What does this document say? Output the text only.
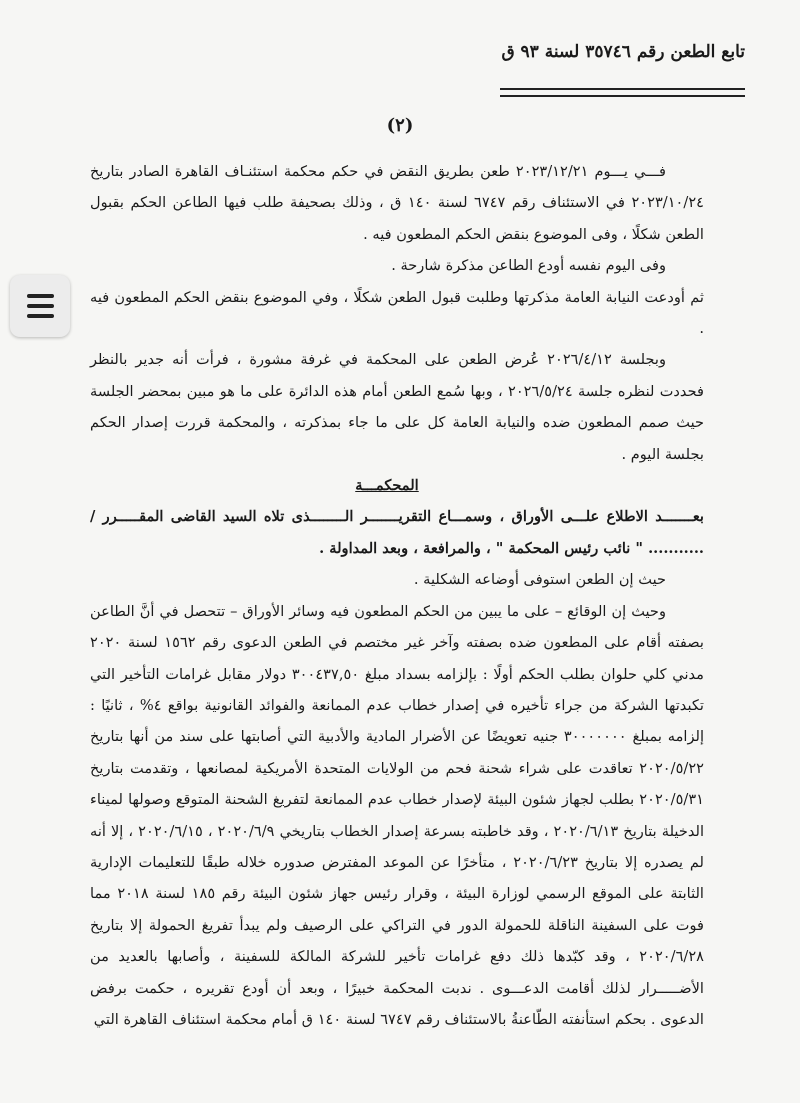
تابع الطعن رقم ٣٥٧٤٦ لسنة ٩٣ ق
(٢)

فـــي يـــوم ٢٠٢٣/١٢/٢١ طعن بطريق النقض في حكم محكمة استئنـاف القاهرة الصادر بتاريخ ٢٠٢٣/١٠/٢٤ في الاستئناف رقم ٦٧٤٧ لسنة ١٤٠ ق ، وذلك بصحيفة طلب فيها الطاعن الحكم بقبول الطعن شكلًا ، وفى الموضوع بنقض الحكم المطعون فيه .

وفى اليوم نفسه أودع الطاعن مذكرة شارحة .

ثم أودعت النيابة العامة مذكرتها وطلبت قبول الطعن شكلًا ، وفي الموضوع بنقض الحكم المطعون فيه .

وبجلسة ٢٠٢٦/٤/١٢ عُرض الطعن على المحكمة في غرفة مشورة ، فرأت أنه جدير بالنظر فحددت لنظره جلسة ٢٠٢٦/٥/٢٤ ، وبها سُمع الطعن أمام هذه الدائرة على ما هو مبين بمحضر الجلسة حيث صمم المطعون ضده والنيابة العامة كل على ما جاء بمذكرته ، والمحكمة قررت إصدار الحكم بجلسة اليوم .

المحكمـــة

بعـــــــد الاطلاع علـــى الأوراق ، وسمـــاع التقريـــــــر الــــــــذى تلاه السيد القاضى المقـــــرر / ........... " نائب رئيس المحكمة " ، والمرافعة ، وبعد المداولة .

حيث إن الطعن استوفى أوضاعه الشكلية .

وحيث إن الوقائع – على ما يبين من الحكم المطعون فيه وسائر الأوراق – تتحصل في أنَّ الطاعن بصفته أقام على المطعون ضده بصفته وآخر غير مختصم في الطعن الدعوى رقم ١٥٦٢ لسنة ٢٠٢٠ مدني كلي حلوان بطلب الحكم أولًا : بإلزامه بسداد مبلغ ٣٠٠٤٣٧,٥٠ دولار مقابل غرامات التأخير التي تكبدتها الشركة من جراء تأخيره في إصدار خطاب عدم الممانعة والفوائد القانونية بواقع ٤% ، ثانيًا : إلزامه بمبلغ ٣٠٠٠٠٠٠٠ جنيه تعويضًا عن الأضرار المادية والأدبية التي أصابتها على سند من أنها بتاريخ ٢٠٢٠/٥/٢٢ تعاقدت على شراء شحنة فحم من الولايات المتحدة الأمريكية لمصانعها ، وتقدمت بتاريخ ٢٠٢٠/٥/٣١ بطلب لجهاز شئون البيئة لإصدار خطاب عدم الممانعة لتفريغ الشحنة المتوقع وصولها لميناء الدخيلة بتاريخ ٢٠٢٠/٦/١٣ ، وقد خاطبته بسرعة إصدار الخطاب بتاريخي ٢٠٢٠/٦/٩ ، ٢٠٢٠/٦/١٥ ، إلا أنه لم يصدره إلا بتاريخ ٢٠٢٠/٦/٢٣ ، متأخرًا عن الموعد المفترض صدوره خلاله طبقًا للتعليمات الإدارية الثابتة على الموقع الرسمي لوزارة البيئة ، وقرار رئيس جهاز شئون البيئة رقم ١٨٥ لسنة ٢٠١٨ مما فوت على السفينة الناقلة للحمولة الدور في التراكي على الرصيف ولم يبدأ تفريغ الحمولة إلا بتاريخ ٢٠٢٠/٦/٢٨ ، وقد كبّدها ذلك دفع غرامات تأخير للشركة المالكة للسفينة ، وأصابها بالعديد من الأضـــــرار لذلك أقامت الدعـــوى . ندبت المحكمة خبيرًا ، وبعد أن أودع تقريره ، حكمت برفض الدعوى . بحكم استأنفته الطّاعنةُ بالاستئناف رقم ٦٧٤٧ لسنة ١٤٠ ق أمام محكمة استئناف القاهرة التي
